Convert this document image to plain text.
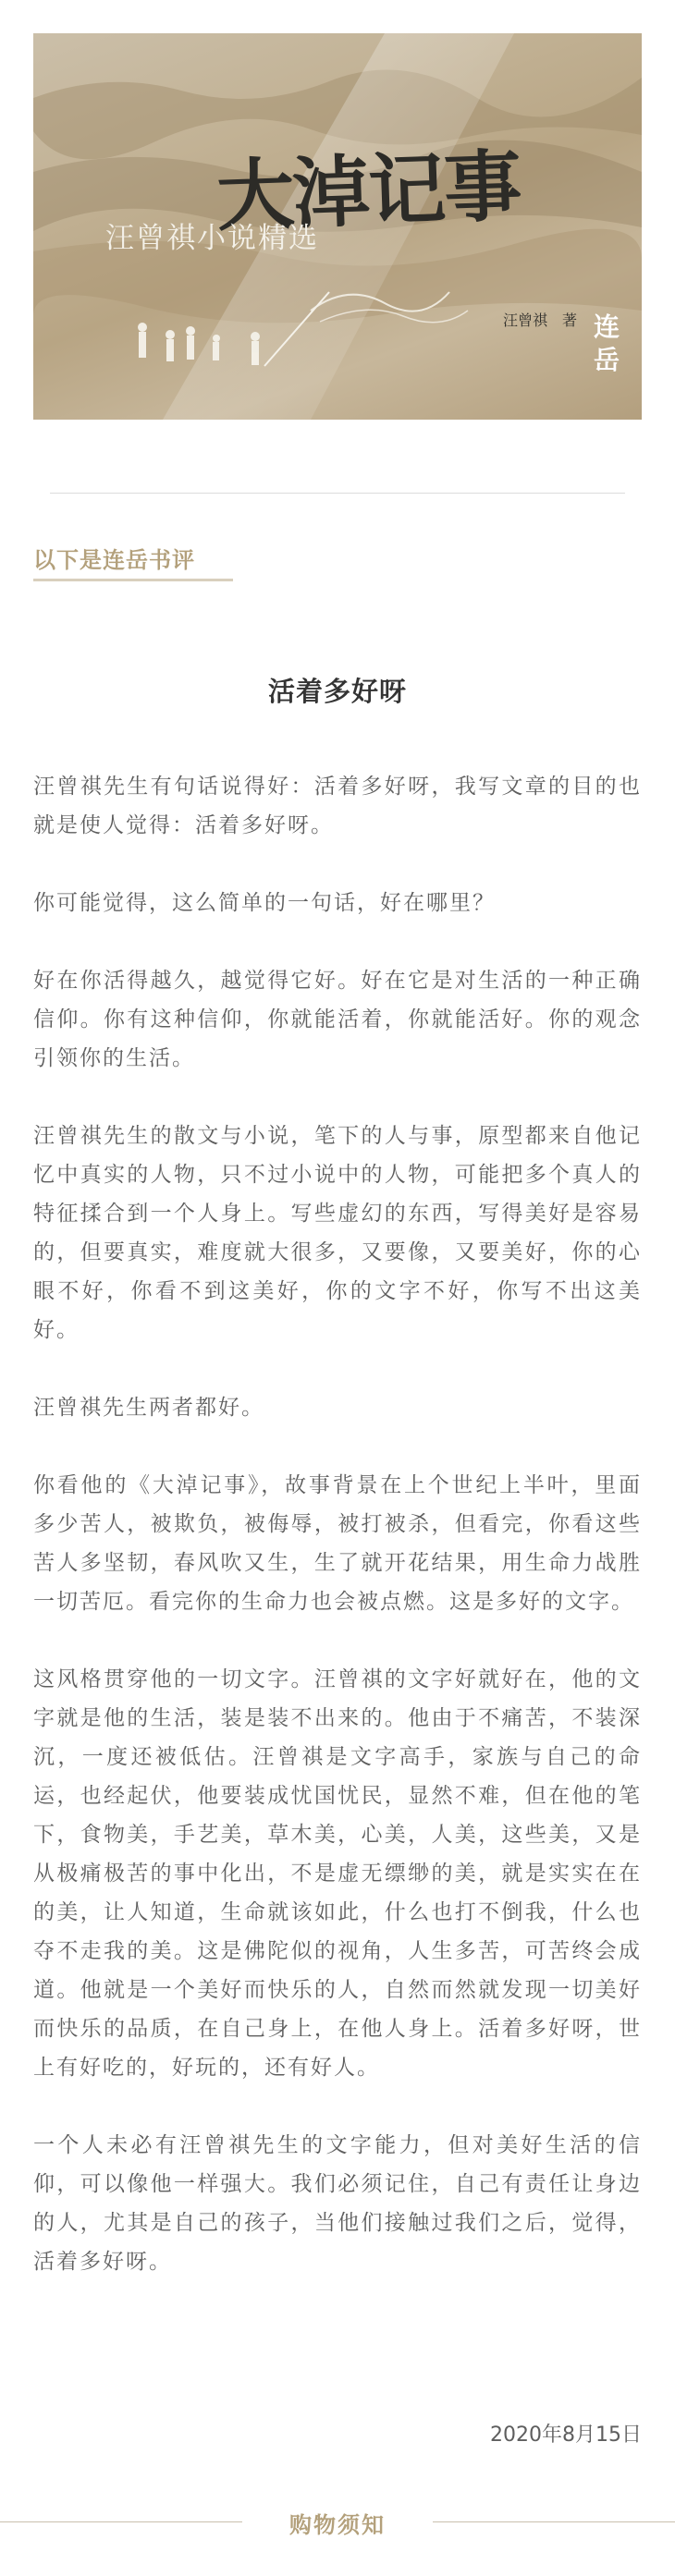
大淖记事
汪曾祺小说精选
汪曾祺　著 连岳
以下是连岳书评
活着多好呀

汪曾祺先生有句话说得好：活着多好呀，我写文章的目的也就是使人觉得：活着多好呀。

你可能觉得，这么简单的一句话，好在哪里？

好在你活得越久，越觉得它好。好在它是对生活的一种正确信仰。你有这种信仰，你就能活着，你就能活好。你的观念引领你的生活。

汪曾祺先生的散文与小说，笔下的人与事，原型都来自他记忆中真实的人物，只不过小说中的人物，可能把多个真人的特征揉合到一个人身上。写些虚幻的东西，写得美好是容易的，但要真实，难度就大很多，又要像，又要美好，你的心眼不好，你看不到这美好，你的文字不好，你写不出这美好。

汪曾祺先生两者都好。

你看他的《大淖记事》，故事背景在上个世纪上半叶，里面多少苦人，被欺负，被侮辱，被打被杀，但看完，你看这些苦人多坚韧，春风吹又生，生了就开花结果，用生命力战胜一切苦厄。看完你的生命力也会被点燃。这是多好的文字。

这风格贯穿他的一切文字。汪曾祺的文字好就好在，他的文字就是他的生活，装是装不出来的。他由于不痛苦，不装深沉，一度还被低估。汪曾祺是文字高手，家族与自己的命运，也经起伏，他要装成忧国忧民，显然不难，但在他的笔下，食物美，手艺美，草木美，心美，人美，这些美，又是从极痛极苦的事中化出，不是虚无缥缈的美，就是实实在在的美，让人知道，生命就该如此，什么也打不倒我，什么也夺不走我的美。这是佛陀似的视角，人生多苦，可苦终会成道。他就是一个美好而快乐的人，自然而然就发现一切美好而快乐的品质，在自己身上，在他人身上。活着多好呀，世上有好吃的，好玩的，还有好人。

一个人未必有汪曾祺先生的文字能力，但对美好生活的信仰，可以像他一样强大。我们必须记住，自己有责任让身边的人，尤其是自己的孩子，当他们接触过我们之后，觉得，活着多好呀。

2020年8月15日
购物须知
